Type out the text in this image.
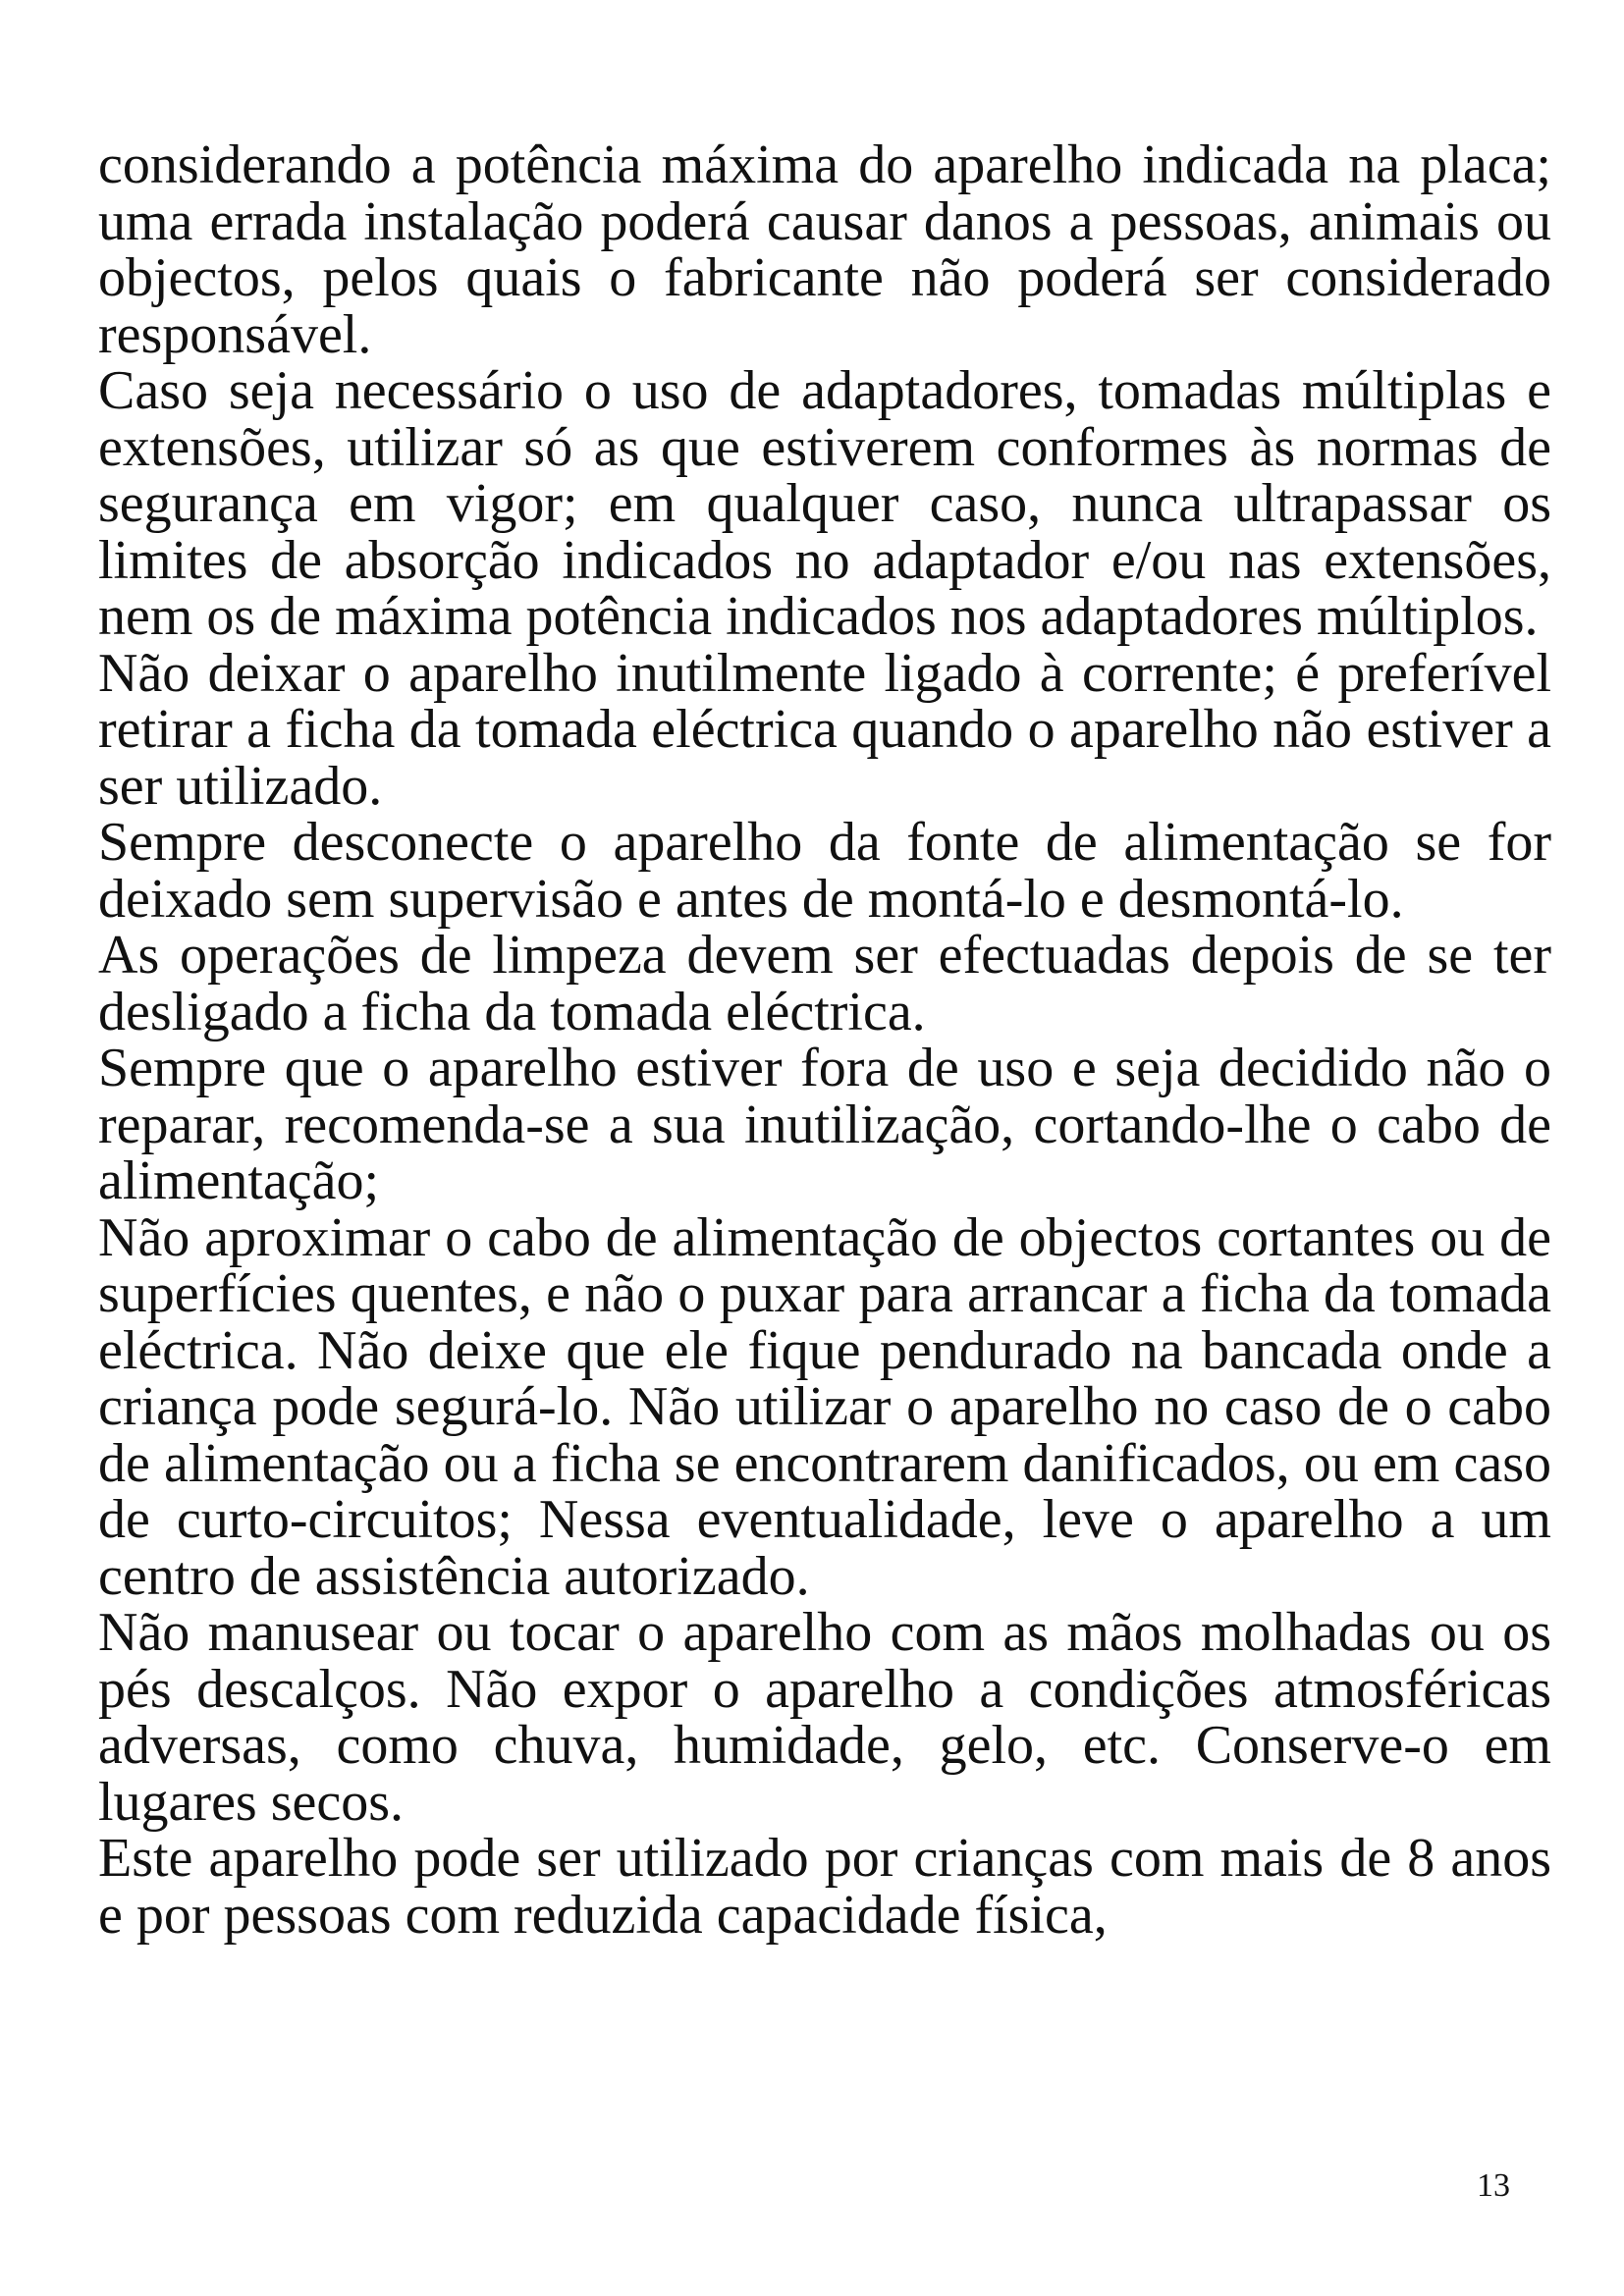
considerando a potência máxima do aparelho indicada na placa; uma errada instalação poderá causar danos a pessoas, animais ou objectos, pelos quais o fabricante não poderá ser considerado responsável.

Caso seja necessário o uso de adaptadores, tomadas múltiplas e extensões, utilizar só as que estiverem conformes às normas de segurança em vigor; em qualquer caso, nunca ultrapassar os limites de absorção indicados no adaptador e/ou nas extensões, nem os de máxima potência indicados nos adaptadores múltiplos.

Não deixar o aparelho inutilmente ligado à corrente; é preferível retirar a ficha da tomada eléctrica quando o aparelho não estiver a ser utilizado.

Sempre desconecte o aparelho da fonte de alimentação se for deixado sem supervisão e antes de montá-lo e desmontá-lo.

As operações de limpeza devem ser efectuadas depois de se ter desligado a ficha da tomada eléctrica.

Sempre que o aparelho estiver fora de uso e seja decidido não o reparar, recomenda-se a sua inutilização, cortando-lhe o cabo de alimentação;

Não aproximar o cabo de alimentação de objectos cortantes ou de superfícies quentes, e não o puxar para arrancar a ficha da tomada eléctrica. Não deixe que ele fique pendurado na bancada onde a criança pode segurá-lo. Não utilizar o aparelho no caso de o cabo de alimentação ou a ficha se encontrarem danificados, ou em caso de curto-circuitos; Nessa eventualidade, leve o aparelho a um centro de assistência autorizado.

Não manusear ou tocar o aparelho com as mãos molhadas ou os pés descalços. Não expor o aparelho a condições atmosféricas adversas, como chuva, humidade, gelo, etc. Conserve-o em lugares secos.

Este aparelho pode ser utilizado por crianças com mais de 8 anos e por pessoas com reduzida capacidade física,

13
